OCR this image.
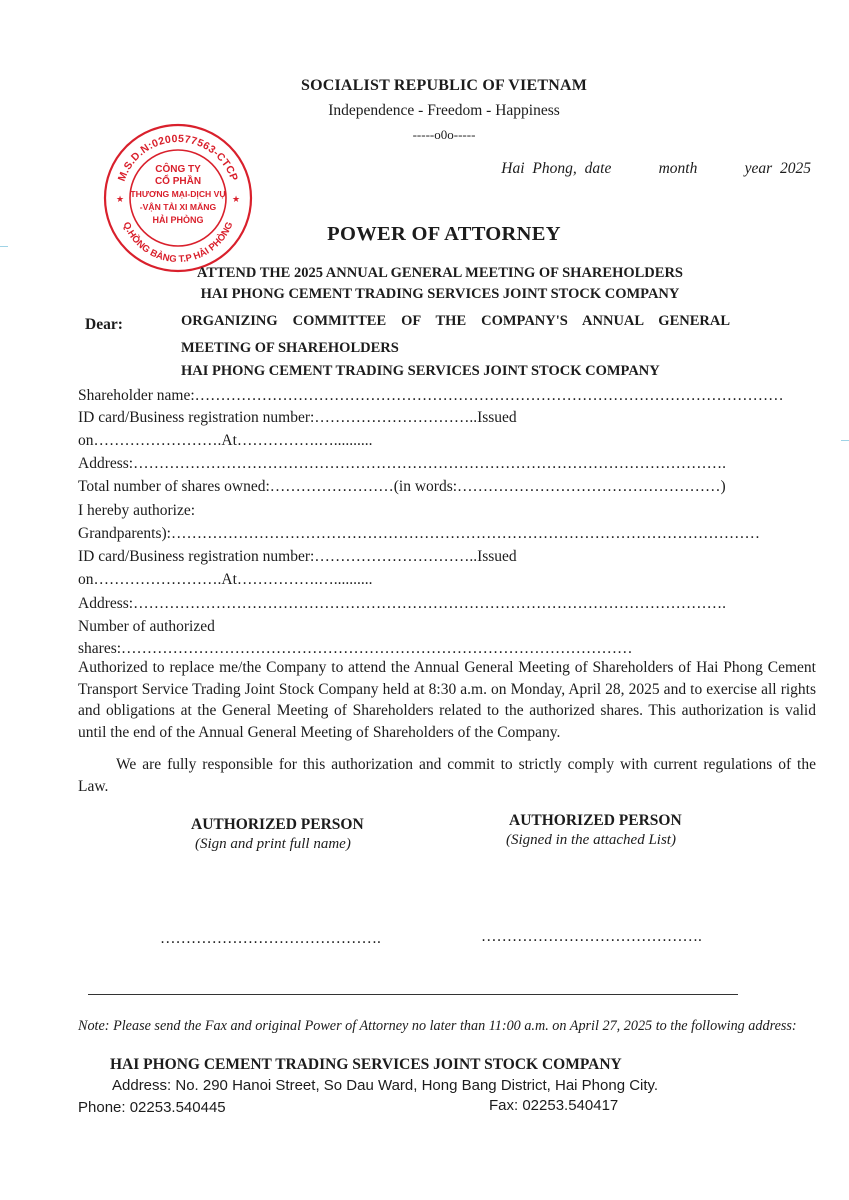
SOCIALIST REPUBLIC OF VIETNAM
Independence - Freedom - Happiness
-----o0o-----
Hai Phong, date      month      year 2025
M.S.D.N:0200577563-CTCP
Q.HỒNG BÀNG T.P HẢI PHÒNG
★	★
CÔNG TY
CỔ PHẦN
THƯƠNG MẠI-DỊCH VỤ
-VẬN TẢI XI MĂNG
HẢI PHÒNG
POWER OF ATTORNEY
ATTEND THE 2025 ANNUAL GENERAL MEETING OF SHAREHOLDERS
HAI PHONG CEMENT TRADING SERVICES JOINT STOCK COMPANY
Dear:	ORGANIZING COMMITTEE OF THE COMPANY'S ANNUAL GENERAL
MEETING OF SHAREHOLDERS
HAI PHONG CEMENT TRADING SERVICES JOINT STOCK COMPANY
Shareholder name:……………………………………………………………………………………………………
ID card/Business registration number:…………………………..Issued
on…………………….At…………….…..........
Address:…………………………………………………………………………………………………….
Total number of shares owned:……………………(in words:……………………………………………)
I hereby authorize:
Grandparents):……………………………………………………………………………………………………
ID card/Business registration number:…………………………..Issued
on…………………….At…………….…..........
Address:…………………………………………………………………………………………………….
Number of authorized
shares:………………………………………………………………………………………
Authorized to replace me/the Company to attend the Annual General Meeting of Shareholders of Hai Phong Cement Transport Service Trading Joint Stock Company held at 8:30 a.m. on Monday, April 28, 2025 and to exercise all rights and obligations at the General Meeting of Shareholders related to the authorized shares. This authorization is valid until the end of the Annual General Meeting of Shareholders of the Company.
We are fully responsible for this authorization and commit to strictly comply with current regulations of the Law.
AUTHORIZED PERSON
(Sign and print full name)
AUTHORIZED PERSON
(Signed in the attached List)
…………………………………….	…………………………………….
Note: Please send the Fax and original Power of Attorney no later than 11:00 a.m. on April 27, 2025 to the following address:
HAI PHONG CEMENT TRADING SERVICES JOINT STOCK COMPANY
Address: No. 290 Hanoi Street, So Dau Ward, Hong Bang District, Hai Phong City.
Phone: 02253.540445	Fax: 02253.540417
